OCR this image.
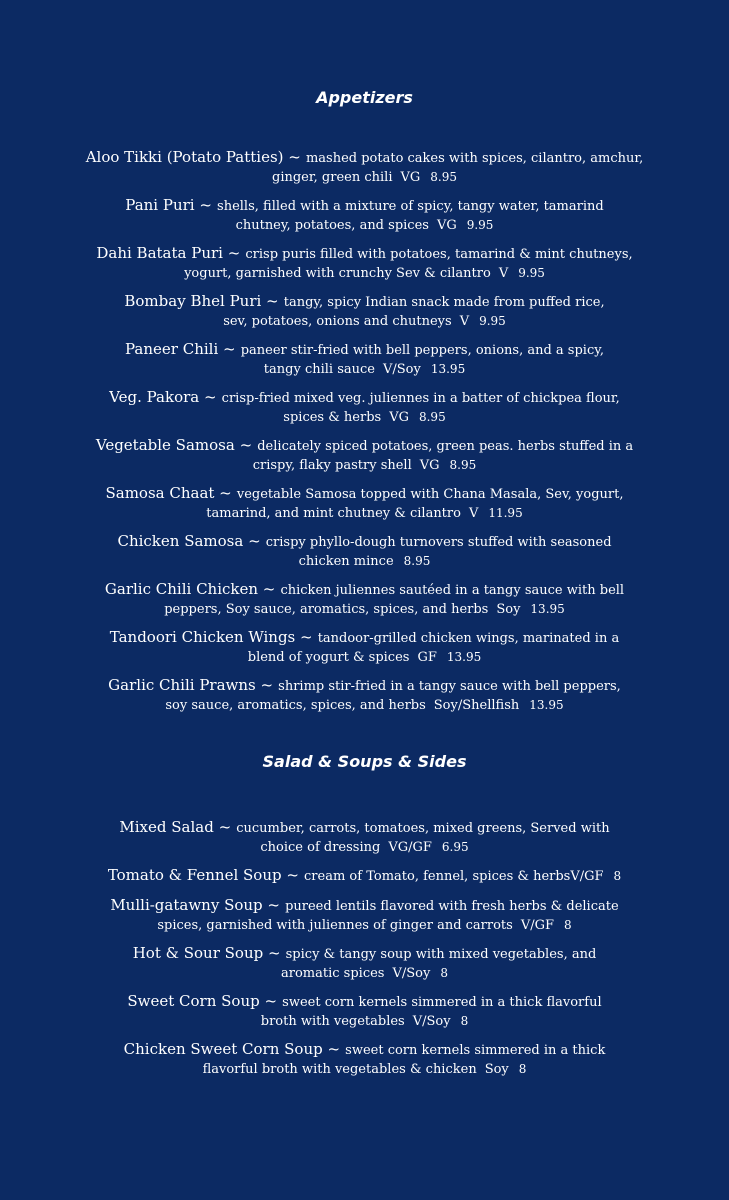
Appetizers
Aloo Tikki (Potato Patties) ~ mashed potato cakes with spices, cilantro, amchur,
ginger, green chili VG 8.95
Pani Puri ~ shells, filled with a mixture of spicy, tangy water, tamarind
chutney, potatoes, and spices VG 9.95
Dahi Batata Puri ~ crisp puris filled with potatoes, tamarind & mint chutneys,
yogurt, garnished with crunchy Sev & cilantro V 9.95
Bombay Bhel Puri ~ tangy, spicy Indian snack made from puffed rice,
sev, potatoes, onions and chutneys V 9.95
Paneer Chili ~ paneer stir-fried with bell peppers, onions, and a spicy,
tangy chili sauce V/Soy 13.95
Veg. Pakora ~ crisp-fried mixed veg. juliennes in a batter of chickpea flour,
spices & herbs VG 8.95
Vegetable Samosa ~ delicately spiced potatoes, green peas. herbs stuffed in a
crispy, flaky pastry shell VG 8.95
Samosa Chaat ~ vegetable Samosa topped with Chana Masala, Sev, yogurt,
tamarind, and mint chutney & cilantro V 11.95
Chicken Samosa ~ crispy phyllo-dough turnovers stuffed with seasoned
chicken mince 8.95
Garlic Chili Chicken ~ chicken juliennes sautéed in a tangy sauce with bell
peppers, Soy sauce, aromatics, spices, and herbs Soy 13.95
Tandoori Chicken Wings ~ tandoor-grilled chicken wings, marinated in a
blend of yogurt & spices GF 13.95
Garlic Chili Prawns ~ shrimp stir-fried in a tangy sauce with bell peppers,
soy sauce, aromatics, spices, and herbs Soy/Shellfish 13.95
Salad & Soups & Sides
Mixed Salad ~ cucumber, carrots, tomatoes, mixed greens, Served with
choice of dressing VG/GF 6.95
Tomato & Fennel Soup ~ cream of Tomato, fennel, spices & herbsV/GF 8
Mulli-gatawny Soup ~ pureed lentils flavored with fresh herbs & delicate
spices, garnished with juliennes of ginger and carrots V/GF 8
Hot & Sour Soup ~ spicy & tangy soup with mixed vegetables, and
aromatic spices V/Soy 8
Sweet Corn Soup ~ sweet corn kernels simmered in a thick flavorful
broth with vegetables V/Soy 8
Chicken Sweet Corn Soup ~ sweet corn kernels simmered in a thick
flavorful broth with vegetables & chicken Soy 8
